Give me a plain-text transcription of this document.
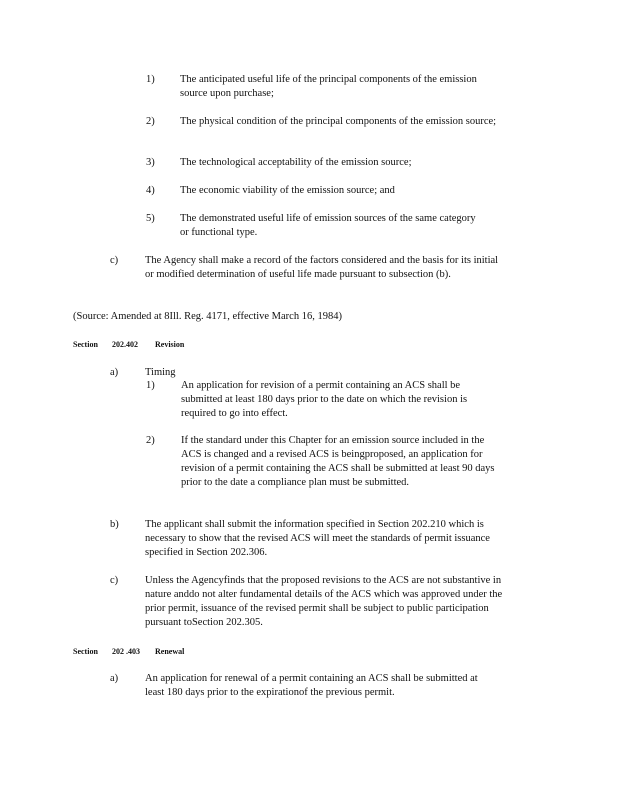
1) The anticipated useful life of the principal components of the emission source upon purchase;
2) The physical condition of the principal components of the emission source;
3) The technological acceptability of the emission source;
4) The economic viability of the emission source; and
5) The demonstrated useful life of emission sources of the same category or functional type.
c)	The Agency shall make a record of the factors considered and the basis for its initial or modified determination of useful life made pursuant to subsection (b).
(Source: Amended at 8Ill. Reg. 4171, effective March 16, 1984)
Section 202.402 Revision
a)	Timing
1)	An application for revision of a permit containing an ACS shall be submitted at least 180 days prior to the date on which the revision is required to go into effect.
2)	If the standard under this Chapter for an emission source included in the ACS is changed and a revised ACS is beingproposed, an application for revision of a permit containing the ACS shall be submitted at least 90 days prior to the date a compliance plan must be submitted.
b)	The applicant shall submit the information specified in Section 202.210 which is necessary to show that the revised ACS will meet the standards of permit issuance specified in Section 202.306.
c)	Unless the Agencyfinds that the proposed revisions to the ACS are not substantive in nature anddo not alter fundamental details of the ACS which was approved under the prior permit, issuance of the revised permit shall be subject to public participation pursuant toSection 202.305.
Section 202 .403 Renewal
a)	An application for renewal of a permit containing an ACS shall be submitted at least 180 days prior to the expirationof the previous permit.
